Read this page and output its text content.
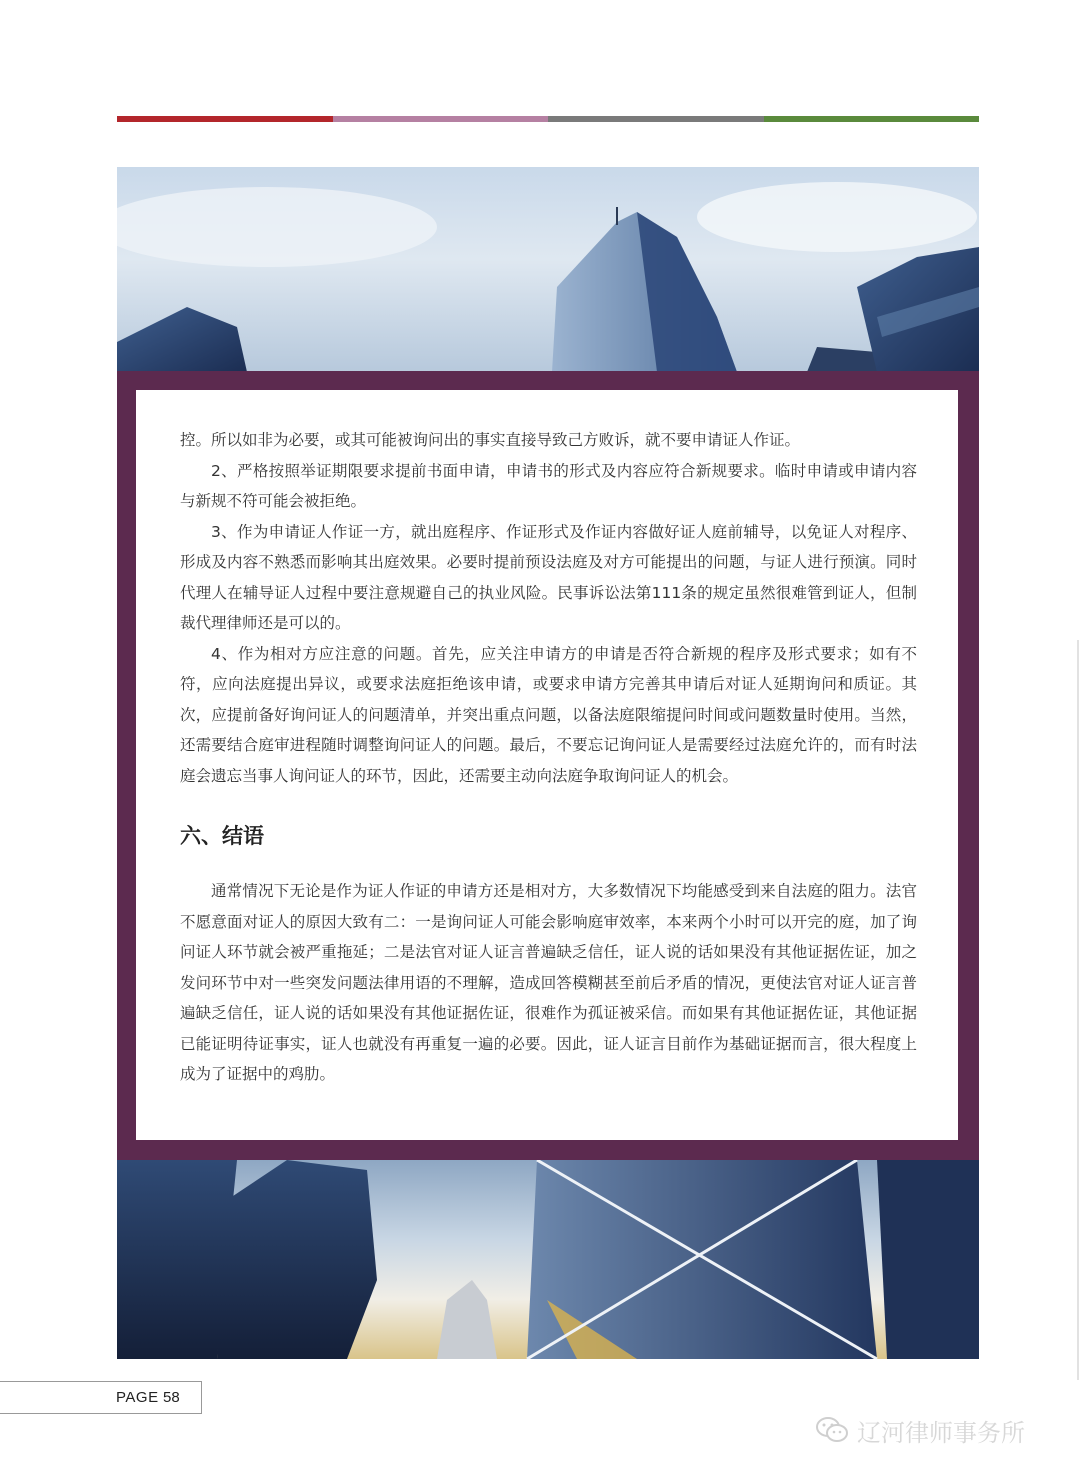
控。所以如非为必要，或其可能被询问出的事实直接导致己方败诉，就不要申请证人作证。

2、严格按照举证期限要求提前书面申请，申请书的形式及内容应符合新规要求。临时申请或申请内容与新规不符可能会被拒绝。

3、作为申请证人作证一方，就出庭程序、作证形式及作证内容做好证人庭前辅导，以免证人对程序、形成及内容不熟悉而影响其出庭效果。必要时提前预设法庭及对方可能提出的问题，与证人进行预演。同时代理人在辅导证人过程中要注意规避自己的执业风险。民事诉讼法第111条的规定虽然很难管到证人，但制裁代理律师还是可以的。

4、作为相对方应注意的问题。首先，应关注申请方的申请是否符合新规的程序及形式要求；如有不符，应向法庭提出异议，或要求法庭拒绝该申请，或要求申请方完善其申请后对证人延期询问和质证。其次，应提前备好询问证人的问题清单，并突出重点问题，以备法庭限缩提问时间或问题数量时使用。当然，还需要结合庭审进程随时调整询问证人的问题。最后，不要忘记询问证人是需要经过法庭允许的，而有时法庭会遗忘当事人询问证人的环节，因此，还需要主动向法庭争取询问证人的机会。

六、结语

通常情况下无论是作为证人作证的申请方还是相对方，大多数情况下均能感受到来自法庭的阻力。法官不愿意面对证人的原因大致有二：一是询问证人可能会影响庭审效率，本来两个小时可以开完的庭，加了询问证人环节就会被严重拖延；二是法官对证人证言普遍缺乏信任，证人说的话如果没有其他证据佐证，加之发问环节中对一些突发问题法律用语的不理解，造成回答模糊甚至前后矛盾的情况，更使法官对证人证言普遍缺乏信任，证人说的话如果没有其他证据佐证，很难作为孤证被采信。而如果有其他证据佐证，其他证据已能证明待证事实，证人也就没有再重复一遍的必要。因此，证人证言目前作为基础证据而言，很大程度上成为了证据中的鸡肋。

PAGE 58
辽河律师事务所
